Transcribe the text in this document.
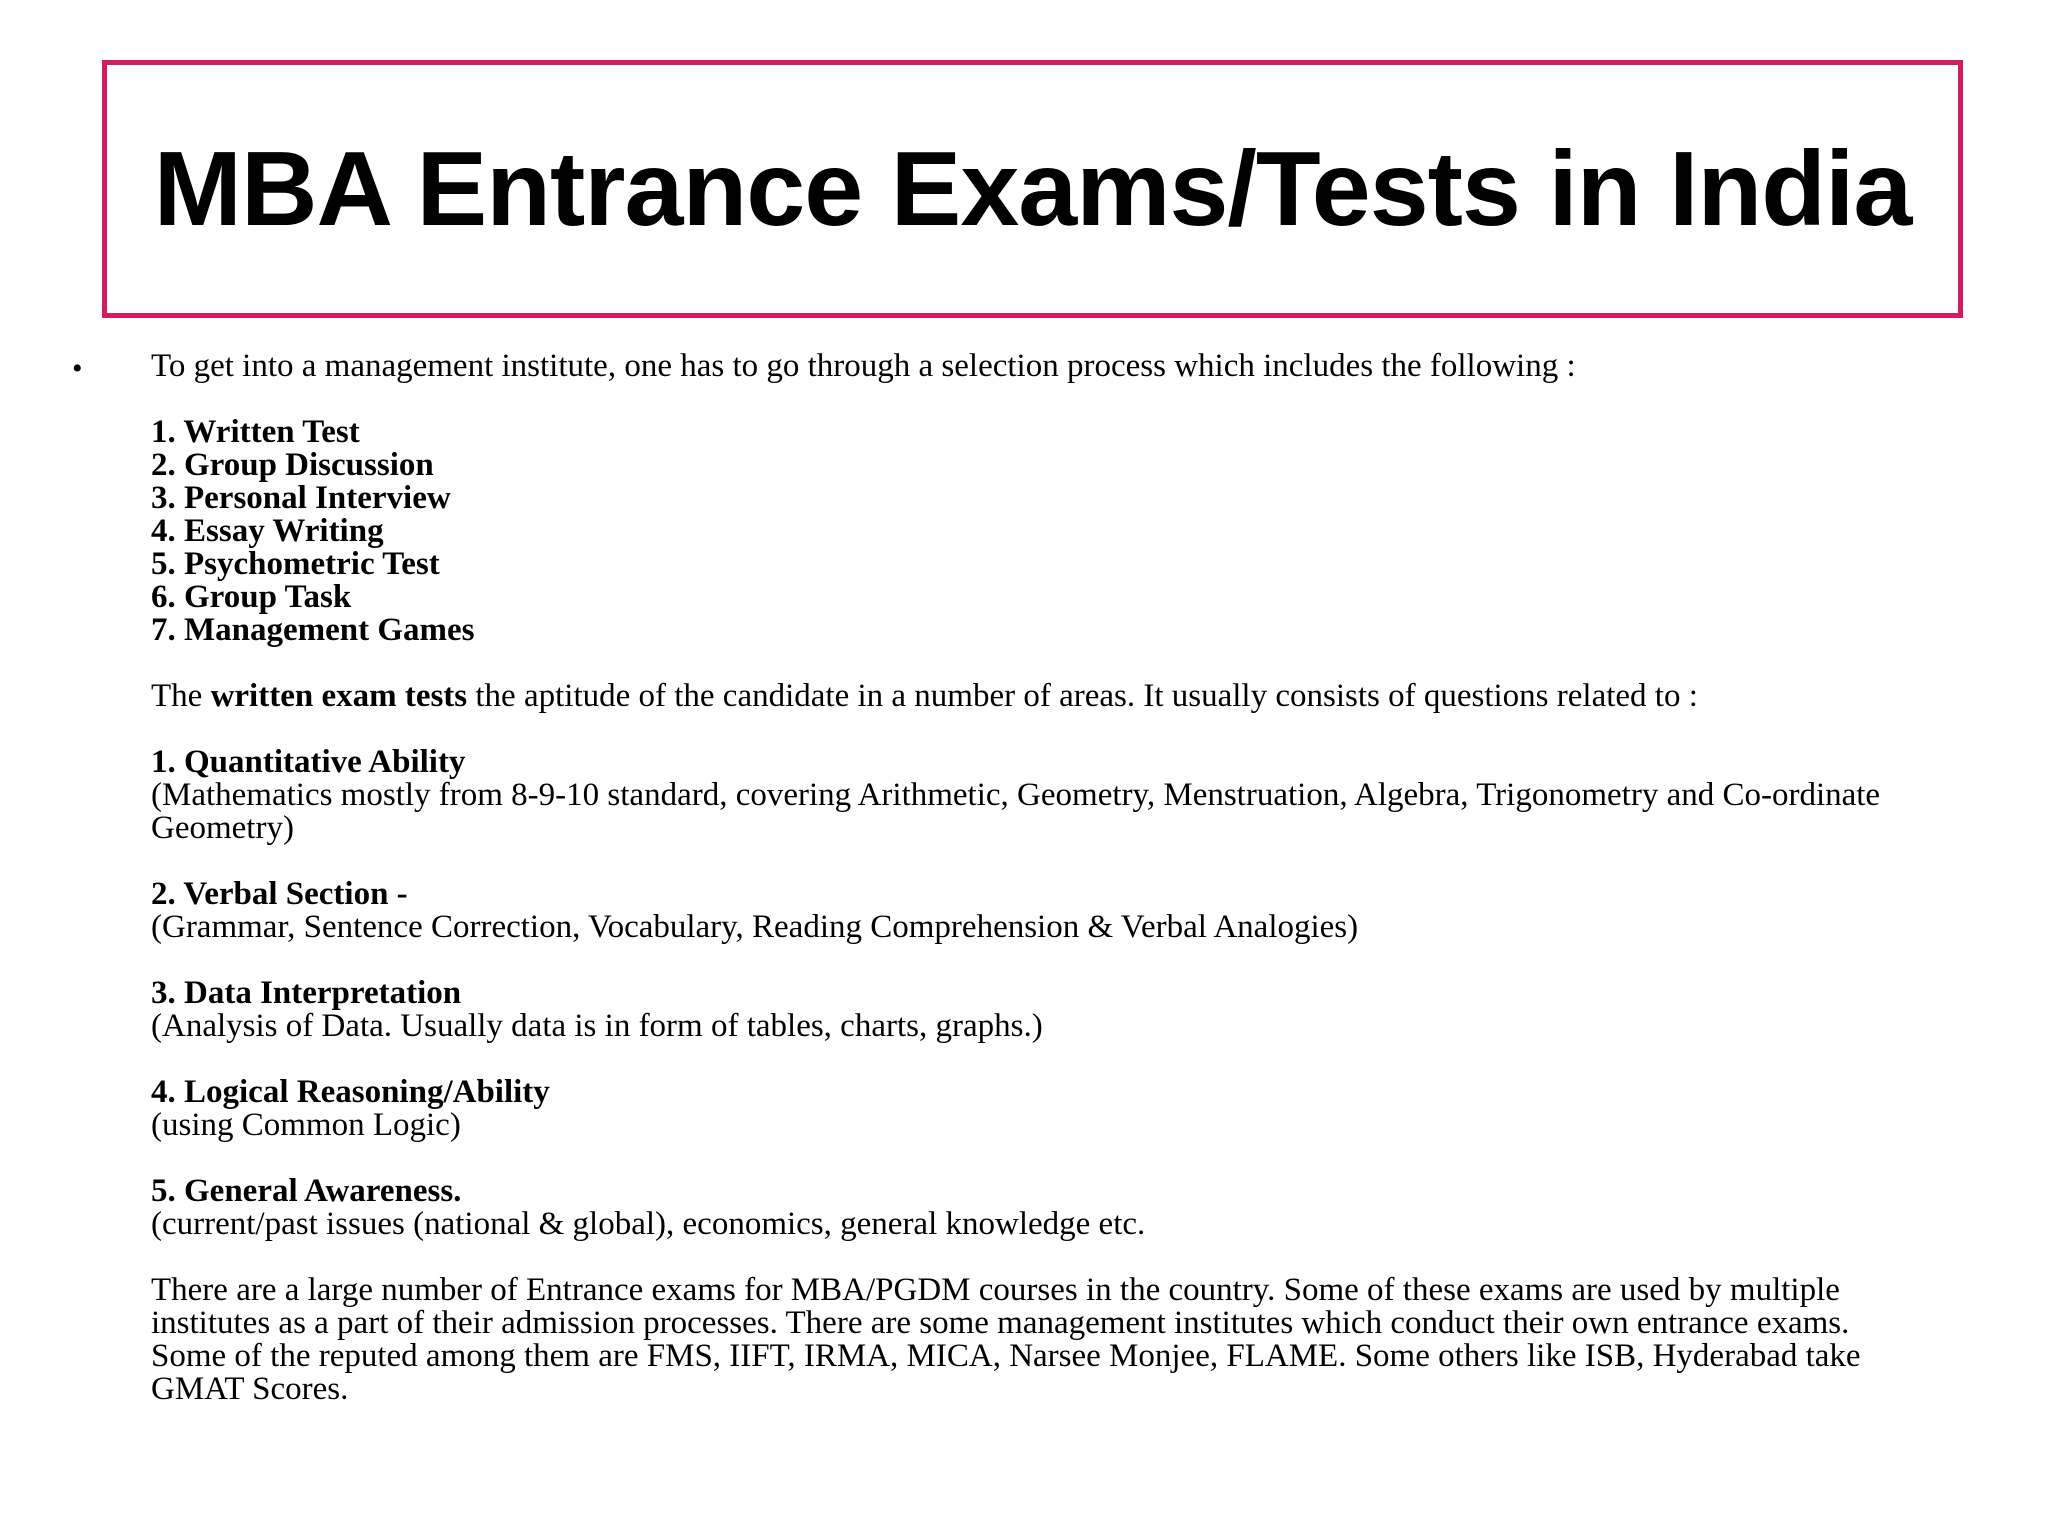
MBA Entrance Exams/Tests in India
• To get into a management institute, one has to go through a selection process which includes the following :

1. Written Test
2. Group Discussion
3. Personal Interview
4. Essay Writing
5. Psychometric Test
6. Group Task
7. Management Games

The written exam tests the aptitude of the candidate in a number of areas. It usually consists of questions related to :

1. Quantitative Ability
(Mathematics mostly from 8-9-10 standard, covering Arithmetic, Geometry, Menstruation, Algebra, Trigonometry and Co-ordinate Geometry)
2. Verbal Section -
(Grammar, Sentence Correction, Vocabulary, Reading Comprehension & Verbal Analogies)
3. Data Interpretation
(Analysis of Data. Usually data is in form of tables, charts, graphs.)
4. Logical Reasoning/Ability
(using Common Logic)
5. General Awareness.
(current/past issues (national & global), economics, general knowledge etc.

There are a large number of Entrance exams for MBA/PGDM courses in the country. Some of these exams are used by multiple institutes as a part of their admission processes. There are some management institutes which conduct their own entrance exams. Some of the reputed among them are FMS, IIFT, IRMA, MICA, Narsee Monjee, FLAME. Some others like ISB, Hyderabad take GMAT Scores.
